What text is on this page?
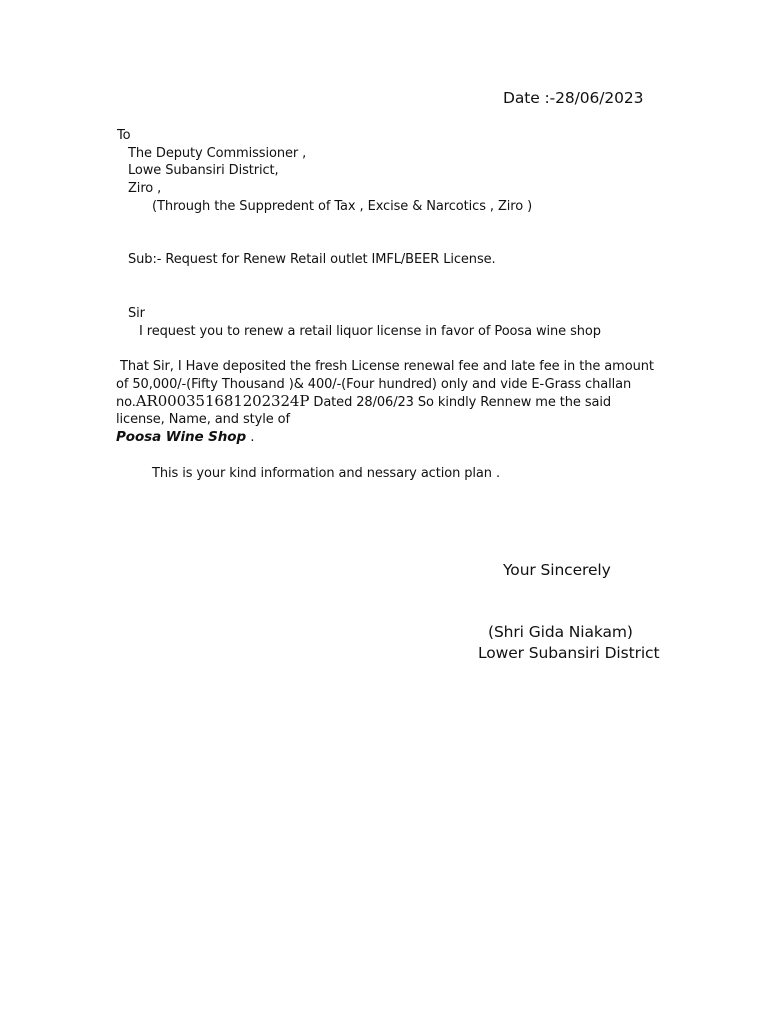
Date :-28/06/2023
To
The Deputy Commissioner ,
Lowe Subansiri District,
Ziro ,
(Through the Suppredent of Tax , Excise & Narcotics , Ziro )
Sub:- Request for Renew Retail outlet IMFL/BEER License.
Sir
I request you to renew a retail liquor license in favor of Poosa wine shop
That Sir, I Have deposited the fresh License renewal fee and late fee in the amount
of 50,000/-(Fifty Thousand )& 400/-(Four hundred) only and vide E-Grass challan
no.AR000351681202324P Dated 28/06/23 So kindly Rennew me the said
license, Name, and style of
Poosa Wine Shop .
This is your kind information and nessary action plan .
Your Sincerely
(Shri Gida Niakam)
Lower Subansiri District
